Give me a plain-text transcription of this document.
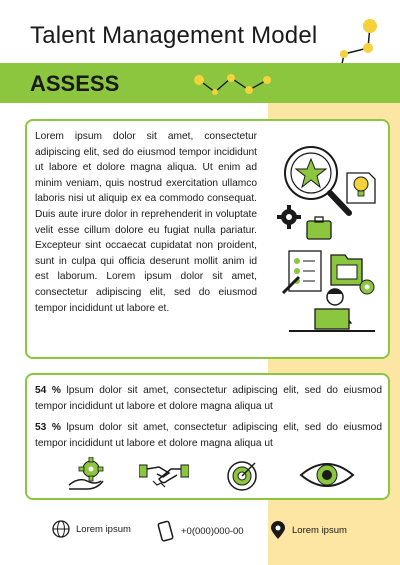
Talent Management Model
ASSESS
Lorem ipsum dolor sit amet, consectetur adipiscing elit, sed do eiusmod tempor incididunt ut labore et dolore magna aliqua. Ut enim ad minim veniam, quis nostrud exercitation ullamco laboris nisi ut aliquip ex ea commodo consequat. Duis aute irure dolor in reprehenderit in voluptate velit esse cillum dolore eu fugiat nulla pariatur. Excepteur sint occaecat cupidatat non proident, sunt in culpa qui officia deserunt mollit anim id est laborum. Lorem ipsum dolor sit amet, consectetur adipiscing elit, sed do eiusmod tempor incididunt ut labore et.
54 % lpsum dolor sit amet, consectetur adipiscing elit, sed do eiusmod tempor incididunt ut labore et dolore magna aliqua ut
53 % lpsum dolor sit amet, consectetur adipiscing elit, sed do eiusmod tempor incididunt ut labore et dolore magna aliqua ut
Lorem ipsum	+0(000)000-00	Lorem ipsum
